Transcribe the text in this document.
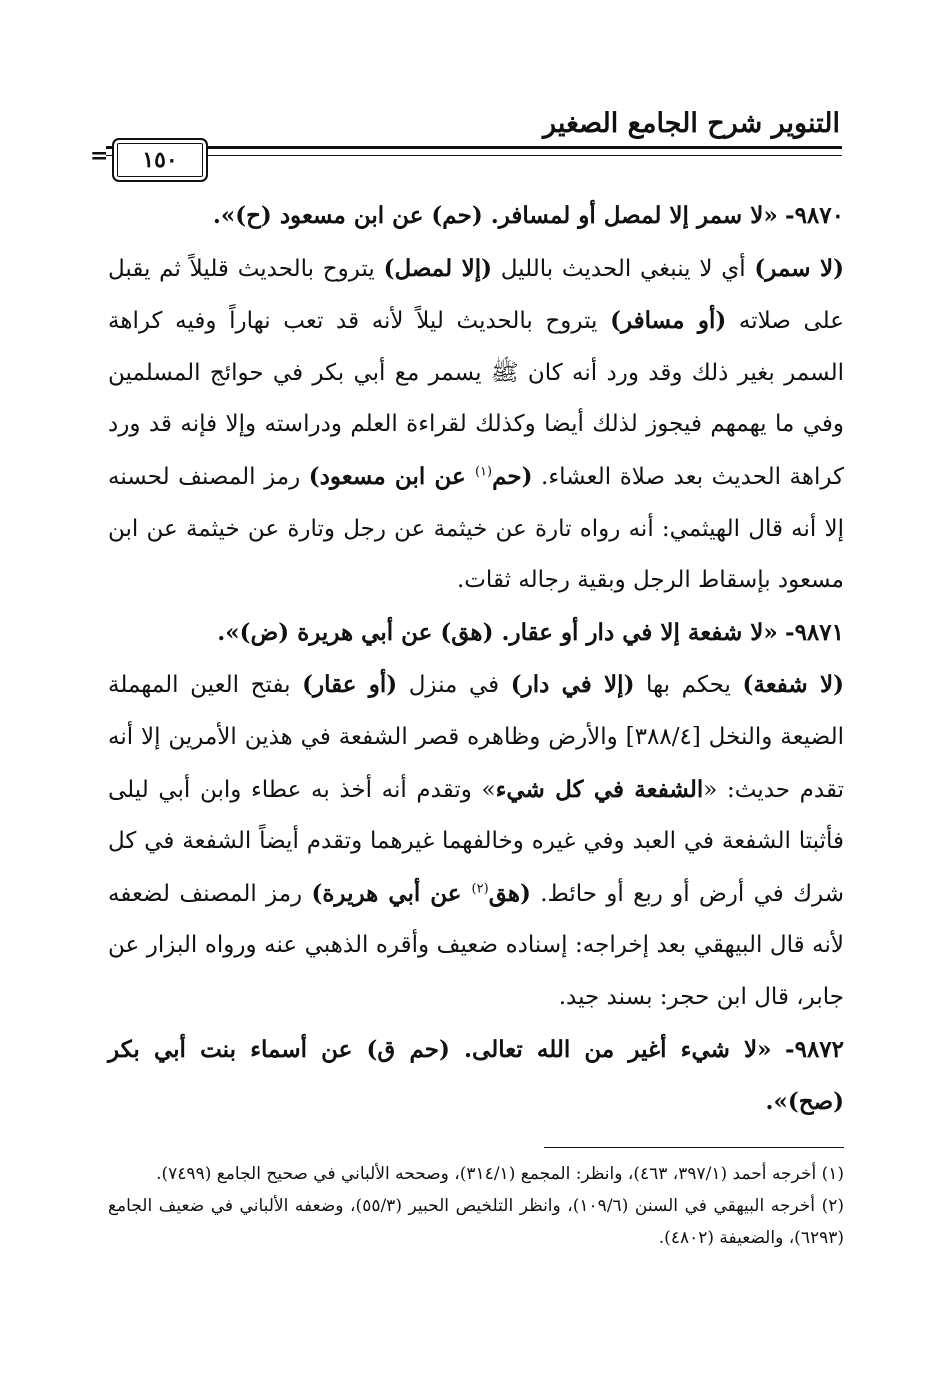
التنوير شرح الجامع الصغير
= ١٥٠

٩٨٧٠- «لا سمر إلا لمصل أو لمسافر. (حم) عن ابن مسعود (ح)».

(لا سمر) أي لا ينبغي الحديث بالليل (إلا لمصل) يتروح بالحديث قليلاً ثم يقبل على صلاته (أو مسافر) يتروح بالحديث ليلاً لأنه قد تعب نهاراً وفيه كراهة السمر بغير ذلك وقد ورد أنه كان ﷺ يسمر مع أبي بكر في حوائج المسلمين وفي ما يهمهم فيجوز لذلك أيضا وكذلك لقراءة العلم ودراسته وإلا فإنه قد ورد كراهة الحديث بعد صلاة العشاء. (حم$^{(١)}$ عن ابن مسعود) رمز المصنف لحسنه إلا أنه قال الهيثمي: أنه رواه تارة عن خيثمة عن رجل وتارة عن خيثمة عن ابن مسعود بإسقاط الرجل وبقية رجاله ثقات.

٩٨٧١- «لا شفعة إلا في دار أو عقار. (هق) عن أبي هريرة (ض)».

(لا شفعة) يحكم بها (إلا في دار) في منزل (أو عقار) بفتح العين المهملة الضيعة والنخل [٣٨٨/٤] والأرض وظاهره قصر الشفعة في هذين الأمرين إلا أنه تقدم حديث: «الشفعة في كل شيء» وتقدم أنه أخذ به عطاء وابن أبي ليلى فأثبتا الشفعة في العبد وفي غيره وخالفهما غيرهما وتقدم أيضاً الشفعة في كل شرك في أرض أو ربع أو حائط. (هق$^{(٢)}$ عن أبي هريرة) رمز المصنف لضعفه لأنه قال البيهقي بعد إخراجه: إسناده ضعيف وأقره الذهبي عنه ورواه البزار عن جابر، قال ابن حجر: بسند جيد.

٩٨٧٢- «لا شيء أغير من الله تعالى. (حم ق) عن أسماء بنت أبي بكر (صح)».

(١) أخرجه أحمد (٣٩٧/١، ٤٦٣)، وانظر: المجمع (٣١٤/١)، وصححه الألباني في صحيح الجامع (٧٤٩٩).

(٢) أخرجه البيهقي في السنن (١٠٩/٦)، وانظر التلخيص الحبير (٥٥/٣)، وضعفه الألباني في ضعيف الجامع (٦٢٩٣)، والضعيفة (٤٨٠٢).
